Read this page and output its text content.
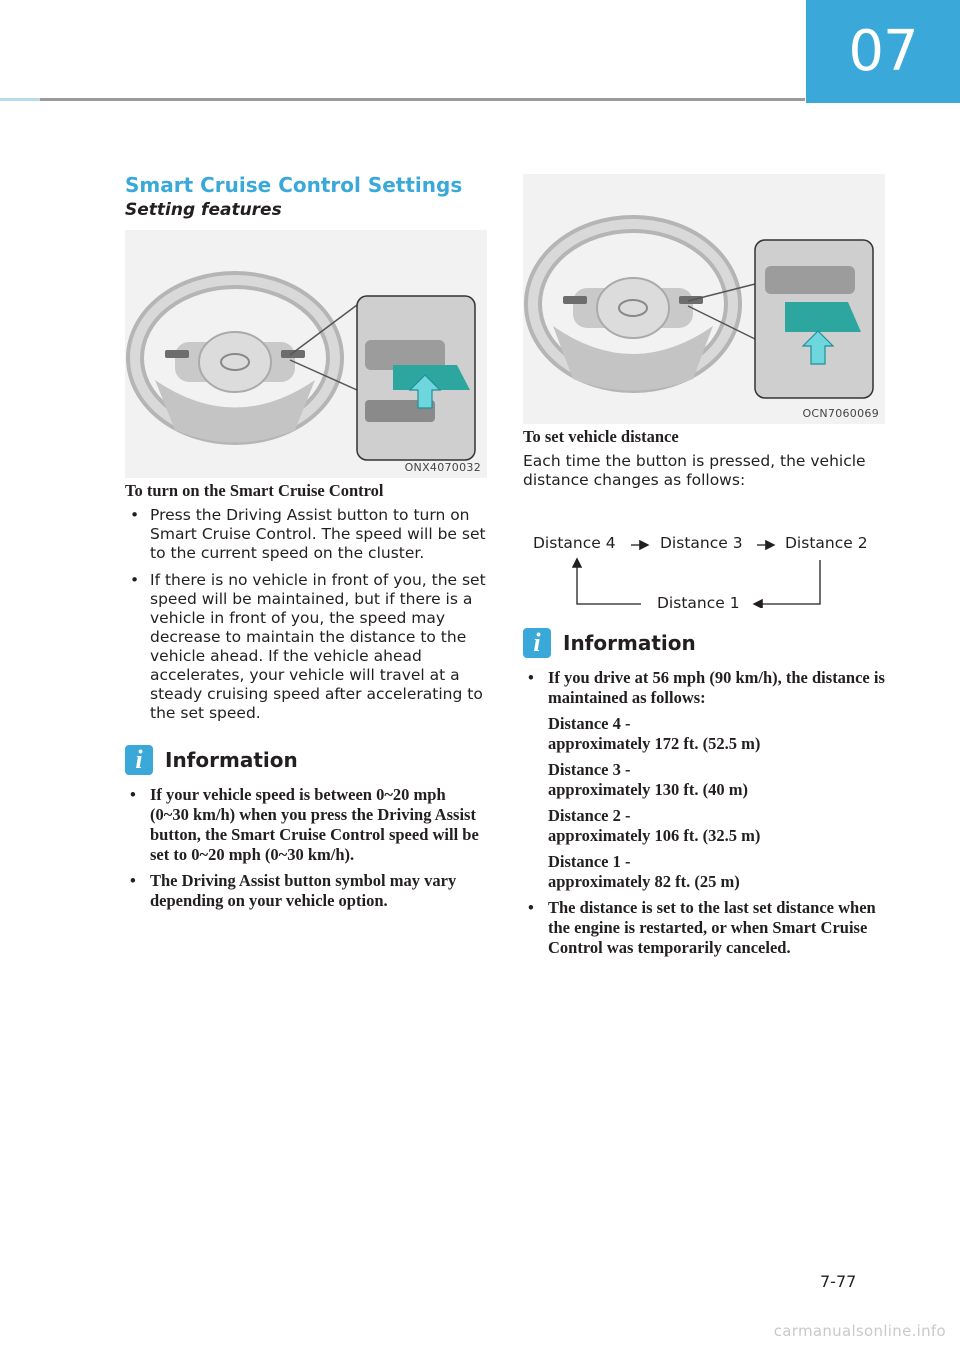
07
Smart Cruise Control Settings
Setting features
ONX4070032

To turn on the Smart Cruise Control

• Press the Driving Assist button to turn on Smart Cruise Control. The speed will be set to the current speed on the cluster.
• If there is no vehicle in front of you, the set speed will be maintained, but if there is a vehicle in front of you, the speed may decrease to maintain the distance to the vehicle ahead. If the vehicle ahead accelerates, your vehicle will travel at a steady cruising speed after accelerating to the set speed.
i	Information
• If your vehicle speed is between 0~20 mph (0~30 km/h) when you press the Driving Assist button, the Smart Cruise Control speed will be set to 0~20 mph (0~30 km/h).
• The Driving Assist button symbol may vary depending on your vehicle option.
OCN7060069

To set vehicle distance

Each time the button is pressed, the vehicle distance changes as follows:

Distance 4	Distance 3	Distance 2
Distance 1
i	Information
• If you drive at 56 mph (90 km/h), the distance is maintained as follows:
Distance 4 -
approximately 172 ft. (52.5 m)
Distance 3 -
approximately 130 ft. (40 m)
Distance 2 -
approximately 106 ft. (32.5 m)
Distance 1 -
approximately 82 ft. (25 m)
• The distance is set to the last set distance when the engine is restarted, or when Smart Cruise Control was temporarily canceled.
7-77
carmanualsonline.info
